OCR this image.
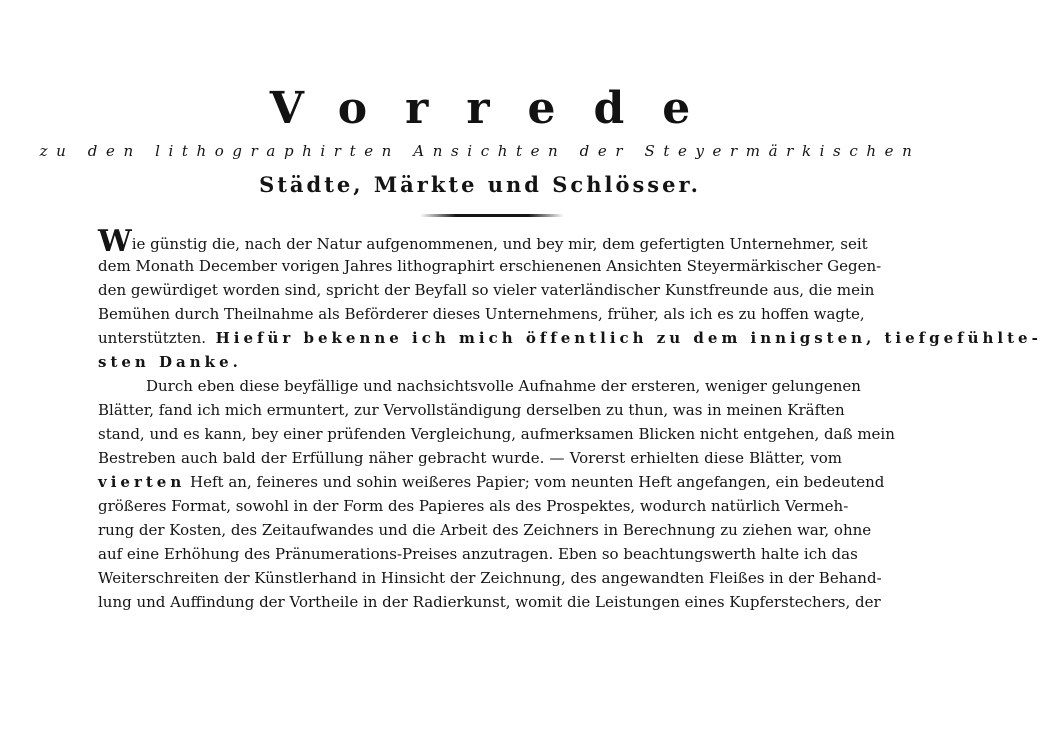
Vorrede
zu den lithographirten Ansichten der Steyermärkischen
Städte, Märkte und Schlösser.
Wie günstig die, nach der Natur aufgenommenen, und bey mir, dem gefertigten Unternehmer, seit
dem Monath December vorigen Jahres lithographirt erschienenen Ansichten Steyermärkischer Gegen-
den gewürdiget worden sind, spricht der Beyfall so vieler vaterländischer Kunstfreunde aus, die mein
Bemühen durch Theilnahme als Beförderer dieses Unternehmens, früher, als ich es zu hoffen wagte,
unterstützten. Hiefür bekenne ich mich öffentlich zu dem innigsten, tiefgefühlte-
sten Danke.
Durch eben diese beyfällige und nachsichtsvolle Aufnahme der ersteren, weniger gelungenen
Blätter, fand ich mich ermuntert, zur Vervollständigung derselben zu thun, was in meinen Kräften
stand, und es kann, bey einer prüfenden Vergleichung, aufmerksamen Blicken nicht entgehen, daß mein
Bestreben auch bald der Erfüllung näher gebracht wurde. — Vorerst erhielten diese Blätter, vom
vierten Heft an, feineres und sohin weißeres Papier; vom neunten Heft angefangen, ein bedeutend
größeres Format, sowohl in der Form des Papieres als des Prospektes, wodurch natürlich Vermeh-
rung der Kosten, des Zeitaufwandes und die Arbeit des Zeichners in Berechnung zu ziehen war, ohne
auf eine Erhöhung des Pränumerations-Preises anzutragen. Eben so beachtungswerth halte ich das
Weiterschreiten der Künstlerhand in Hinsicht der Zeichnung, des angewandten Fleißes in der Behand-
lung und Auffindung der Vortheile in der Radierkunst, womit die Leistungen eines Kupferstechers, der
